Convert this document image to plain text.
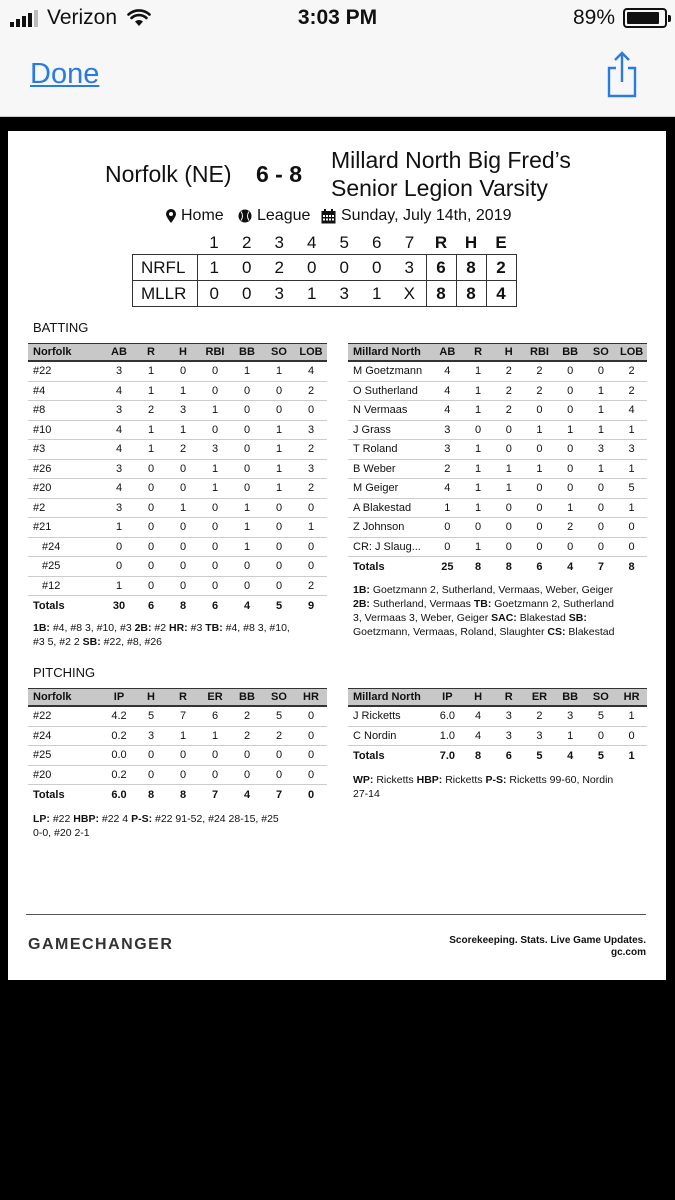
Verizon	3:03 PM	89%
Done
Norfolk (NE) 6 - 8
Millard North Big Fred’s
Senior Legion Varsity
Home League Sunday, July 14th, 2019
	1	2	3	4	5	6	7	R	H	E
NRFL	1	0	2	0	0	0	3	6	8	2
MLLR	0	0	3	1	3	1	X	8	8	4
BATTING
Norfolk	AB	R	H	RBI	BB	SO	LOB
#22	3	1	0	0	1	1	4
#4	4	1	1	0	0	0	2
#8	3	2	3	1	0	0	0
#10	4	1	1	0	0	1	3
#3	4	1	2	3	0	1	2
#26	3	0	0	1	0	1	3
#20	4	0	0	1	0	1	2
#2	3	0	1	0	1	0	0
#21	1	0	0	0	1	0	1
#24	0	0	0	0	1	0	0
#25	0	0	0	0	0	0	0
#12	1	0	0	0	0	0	2
Totals	30	6	8	6	4	5	9
Millard North	AB	R	H	RBI	BB	SO	LOB
M Goetzmann	4	1	2	2	0	0	2
O Sutherland	4	1	2	2	0	1	2
N Vermaas	4	1	2	0	0	1	4
J Grass	3	0	0	1	1	1	1
T Roland	3	1	0	0	0	3	3
B Weber	2	1	1	1	0	1	1
M Geiger	4	1	1	0	0	0	5
A Blakestad	1	1	0	0	1	0	1
Z Johnson	0	0	0	0	2	0	0
CR: J Slaug...	0	1	0	0	0	0	0
Totals	25	8	8	6	4	7	8
1B: #4, #8 3, #10, #3 2B: #2 HR: #3 TB: #4, #8 3, #10,
#3 5, #2 2 SB: #22, #8, #26
1B: Goetzmann 2, Sutherland, Vermaas, Weber, Geiger
2B: Sutherland, Vermaas TB: Goetzmann 2, Sutherland
3, Vermaas 3, Weber, Geiger SAC: Blakestad SB:
Goetzmann, Vermaas, Roland, Slaughter CS: Blakestad
PITCHING
Norfolk	IP	H	R	ER	BB	SO	HR
#22	4.2	5	7	6	2	5	0
#24	0.2	3	1	1	2	2	0
#25	0.0	0	0	0	0	0	0
#20	0.2	0	0	0	0	0	0
Totals	6.0	8	8	7	4	7	0
Millard North	IP	H	R	ER	BB	SO	HR
J Ricketts	6.0	4	3	2	3	5	1
C Nordin	1.0	4	3	3	1	0	0
Totals	7.0	8	6	5	4	5	1
LP: #22 HBP: #22 4 P-S: #22 91-52, #24 28-15, #25
0-0, #20 2-1
WP: Ricketts HBP: Ricketts P-S: Ricketts 99-60, Nordin
27-14
GAMECHANGER	Scorekeeping. Stats. Live Game Updates.
gc.com
